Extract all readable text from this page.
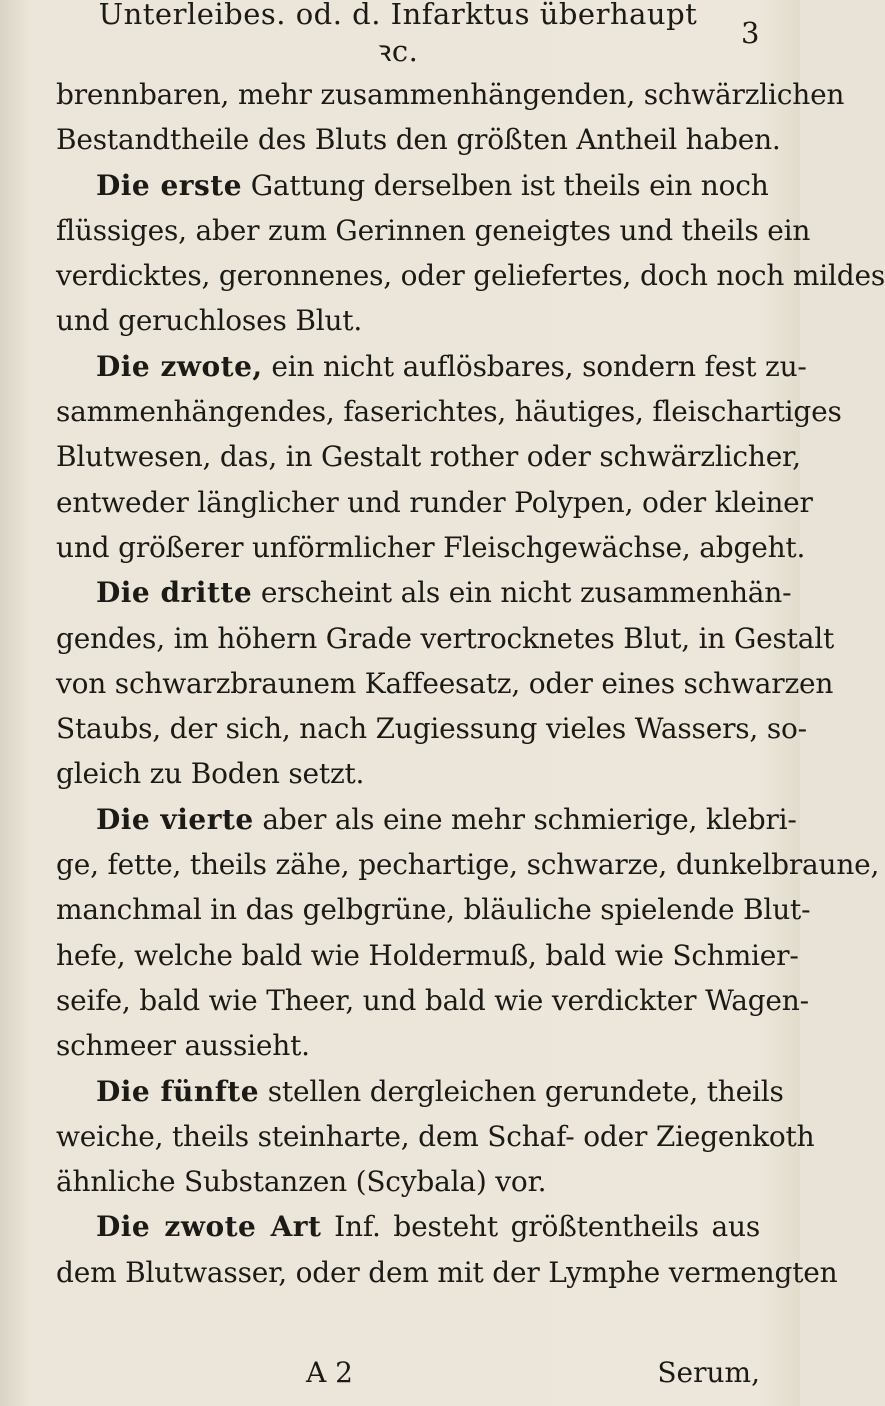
Unterleibes. od. d. Infarktus überhaupt ꝛc.
3
brennbaren, mehr zusammenhängenden, schwärzlichen
Bestandtheile des Bluts den größten Antheil haben.
Die erste Gattung derselben ist theils ein noch
flüssiges, aber zum Gerinnen geneigtes und theils ein
verdicktes, geronnenes, oder geliefertes, doch noch mildes
und geruchloses Blut.
Die zwote, ein nicht auflösbares, sondern fest zu-
sammenhängendes, faserichtes, häutiges, fleischartiges
Blutwesen, das, in Gestalt rother oder schwärzlicher,
entweder länglicher und runder Polypen, oder kleiner
und größerer unförmlicher Fleischgewächse, abgeht.
Die dritte erscheint als ein nicht zusammenhän-
gendes, im höhern Grade vertrocknetes Blut, in Gestalt
von schwarzbraunem Kaffeesatz, oder eines schwarzen
Staubs, der sich, nach Zugiessung vieles Wassers, so-
gleich zu Boden setzt.
Die vierte aber als eine mehr schmierige, klebri-
ge, fette, theils zähe, pechartige, schwarze, dunkelbraune,
manchmal in das gelbgrüne, bläuliche spielende Blut-
hefe, welche bald wie Holdermuß, bald wie Schmier-
seife, bald wie Theer, und bald wie verdickter Wagen-
schmeer aussieht.
Die fünfte stellen dergleichen gerundete, theils
weiche, theils steinharte, dem Schaf- oder Ziegenkoth
ähnliche Substanzen (Scybala) vor.
Die zwote Art Inf. besteht größtentheils aus
dem Blutwasser, oder dem mit der Lymphe vermengten
A 2	Serum,
